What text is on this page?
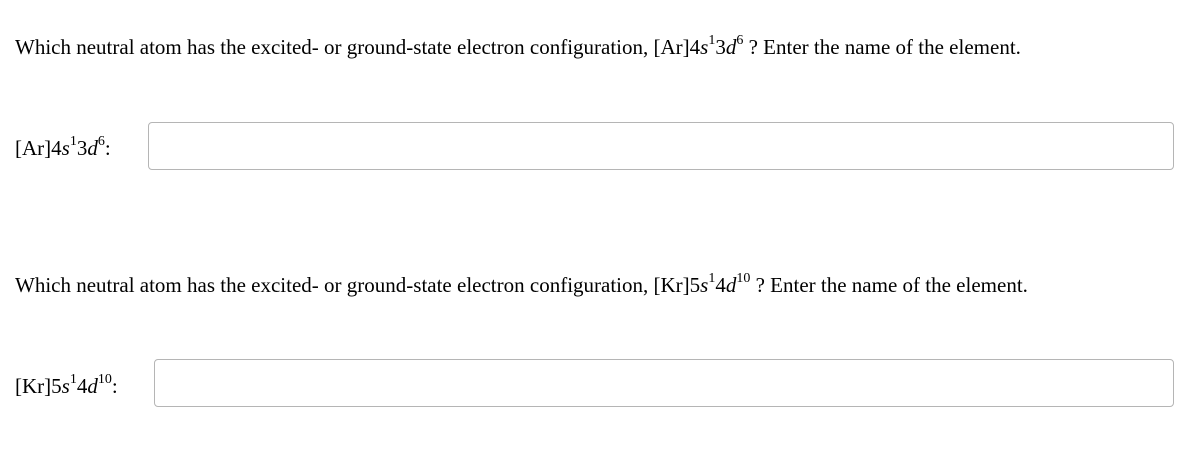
Which neutral atom has the excited- or ground-state electron configuration, $[Ar]4s^13d^6$ ? Enter the name of the element.
$[Ar]4s^13d^6$:
Which neutral atom has the excited- or ground-state electron configuration, $[Kr]5s^14d^{10}$ ? Enter the name of the element.
$[Kr]5s^14d^{10}$:
